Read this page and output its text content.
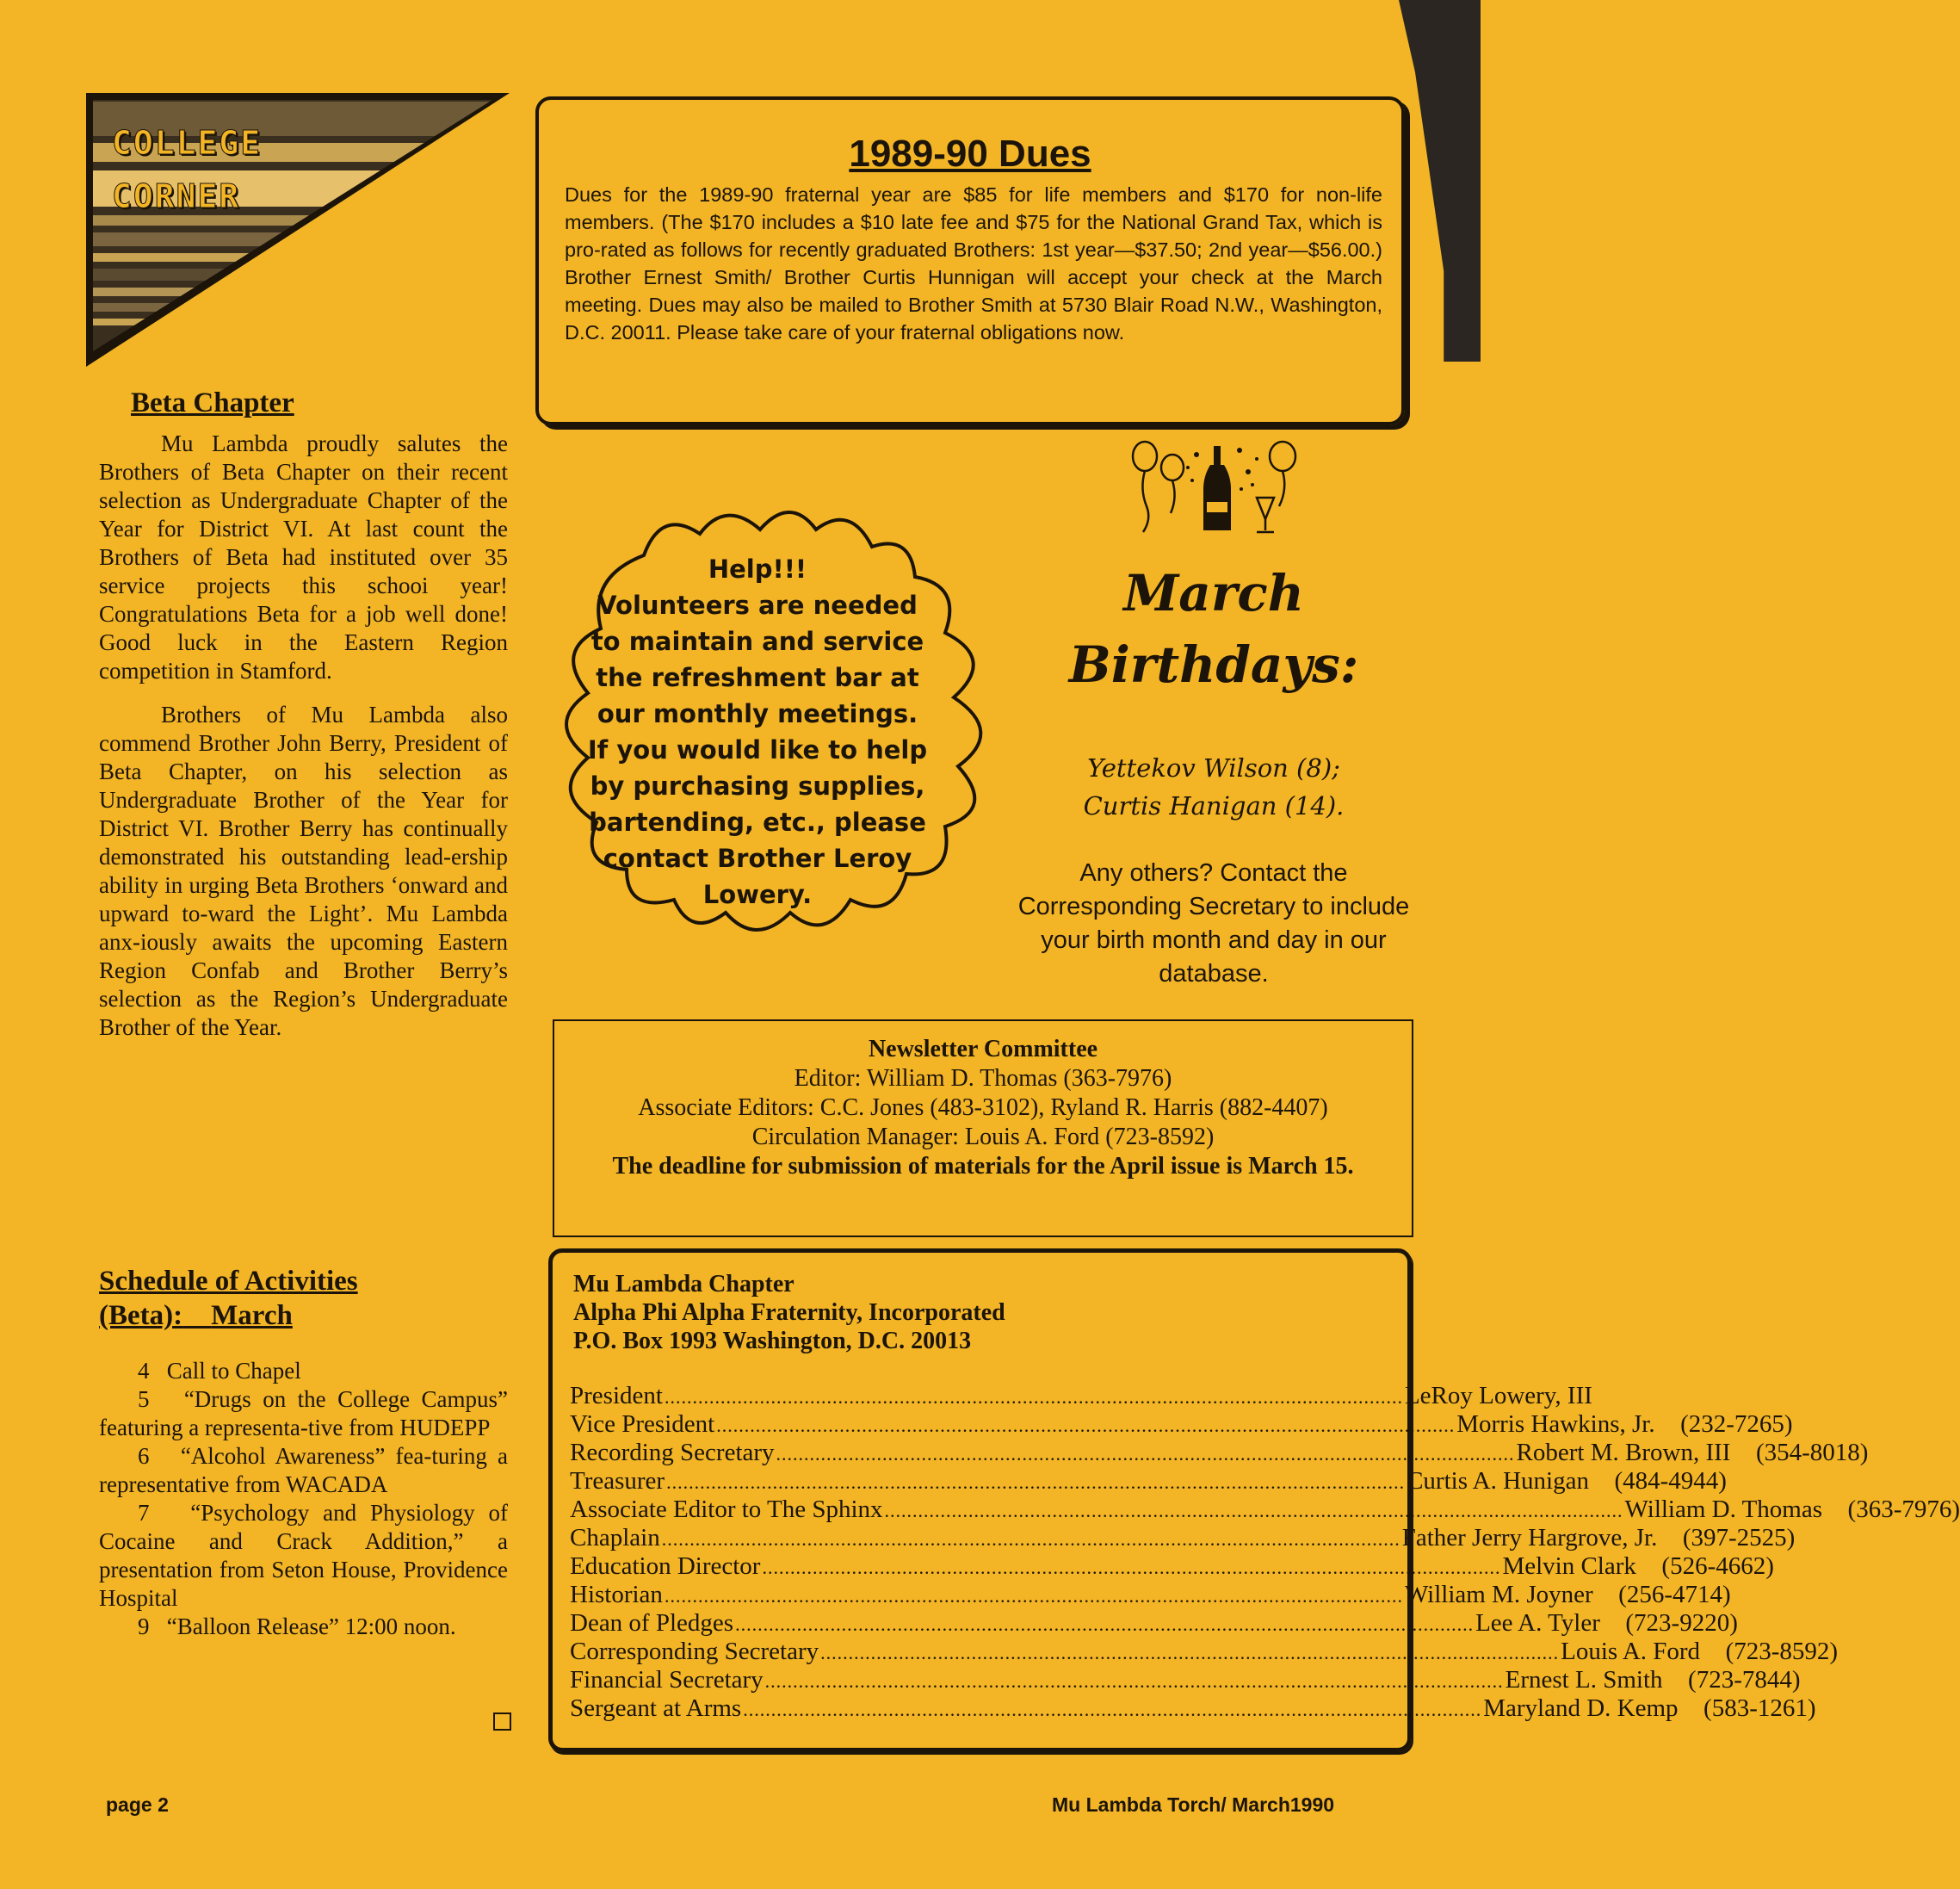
COLLEGE
CORNER
Beta Chapter

Mu Lambda proudly salutes the Brothers of Beta Chapter on their recent selection as Undergraduate Chapter of the Year for District VI. At last count the Brothers of Beta had instituted over 35 service projects this schooi year! Congratulations Beta for a job well done! Good luck in the Eastern Region competition in Stamford.

Brothers of Mu Lambda also commend Brother John Berry, President of Beta Chapter, on his selection as Undergraduate Brother of the Year for District VI. Brother Berry has continually demonstrated his outstanding lead-ership ability in urging Beta Brothers ‘onward and upward to-ward the Light’. Mu Lambda anx-iously awaits the upcoming Eastern Region Confab and Brother Berry’s selection as the Region’s Undergraduate Brother of the Year.

Schedule of Activities
(Beta): March

4 Call to Chapel

5 “Drugs on the College Campus” featuring a representa-tive from HUDEPP

6 “Alcohol Awareness” fea-turing a representative from WACADA

7 “Psychology and Physiology of Cocaine and Crack Addition,” a presentation from Seton House, Providence Hospital

9 “Balloon Release” 12:00 noon.

1989-90 Dues
Dues for the 1989-90 fraternal year are $85 for life members and $170 for non-life members. (The $170 includes a $10 late fee and $75 for the National Grand Tax, which is pro-rated as follows for recently graduated Brothers: 1st year—$37.50; 2nd year—$56.00.) Brother Ernest Smith/ Brother Curtis Hunnigan will accept your check at the March meeting. Dues may also be mailed to Brother Smith at 5730 Blair Road N.W., Washington, D.C. 20011. Please take care of your fraternal obligations now.
Help!!!
Volunteers are needed
to maintain and service
the refreshment bar at
our monthly meetings.
If you would like to help
by purchasing supplies,
bartending, etc., please
contact Brother Leroy
Lowery.
March
Birthdays:
Yettekov Wilson (8);
Curtis Hanigan (14).
Any others? Contact the Corresponding Secretary to include your birth month and day in our database.
Newsletter Committee
Editor: William D. Thomas (363-7976)
Associate Editors: C.C. Jones (483-3102), Ryland R. Harris (882-4407)
Circulation Manager: Louis A. Ford (723-8592)
The deadline for submission of materials for the April issue is March 15.
Mu Lambda Chapter
Alpha Phi Alpha Fraternity, Incorporated
P.O. Box 1993 Washington, D.C. 20013
President .................................................................................................................................... LeRoy Lowery, III
Vice President .................................................................................................................................... Morris Hawkins, Jr.	(232-7265)
Recording Secretary .................................................................................................................................... Robert M. Brown, III	(354-8018)
Treasurer .................................................................................................................................... Curtis A. Hunigan	(484-4944)
Associate Editor to The Sphinx .................................................................................................................................... William D. Thomas	(363-7976)
Chaplain .................................................................................................................................... Father Jerry Hargrove, Jr.	(397-2525)
Education Director .................................................................................................................................... Melvin Clark	(526-4662)
Historian .................................................................................................................................... William M. Joyner	(256-4714)
Dean of Pledges .................................................................................................................................... Lee A. Tyler	(723-9220)
Corresponding Secretary .................................................................................................................................... Louis A. Ford	(723-8592)
Financial Secretary .................................................................................................................................... Ernest L. Smith	(723-7844)
Sergeant at Arms .................................................................................................................................... Maryland D. Kemp	(583-1261)
page 2	Mu Lambda Torch/ March1990
